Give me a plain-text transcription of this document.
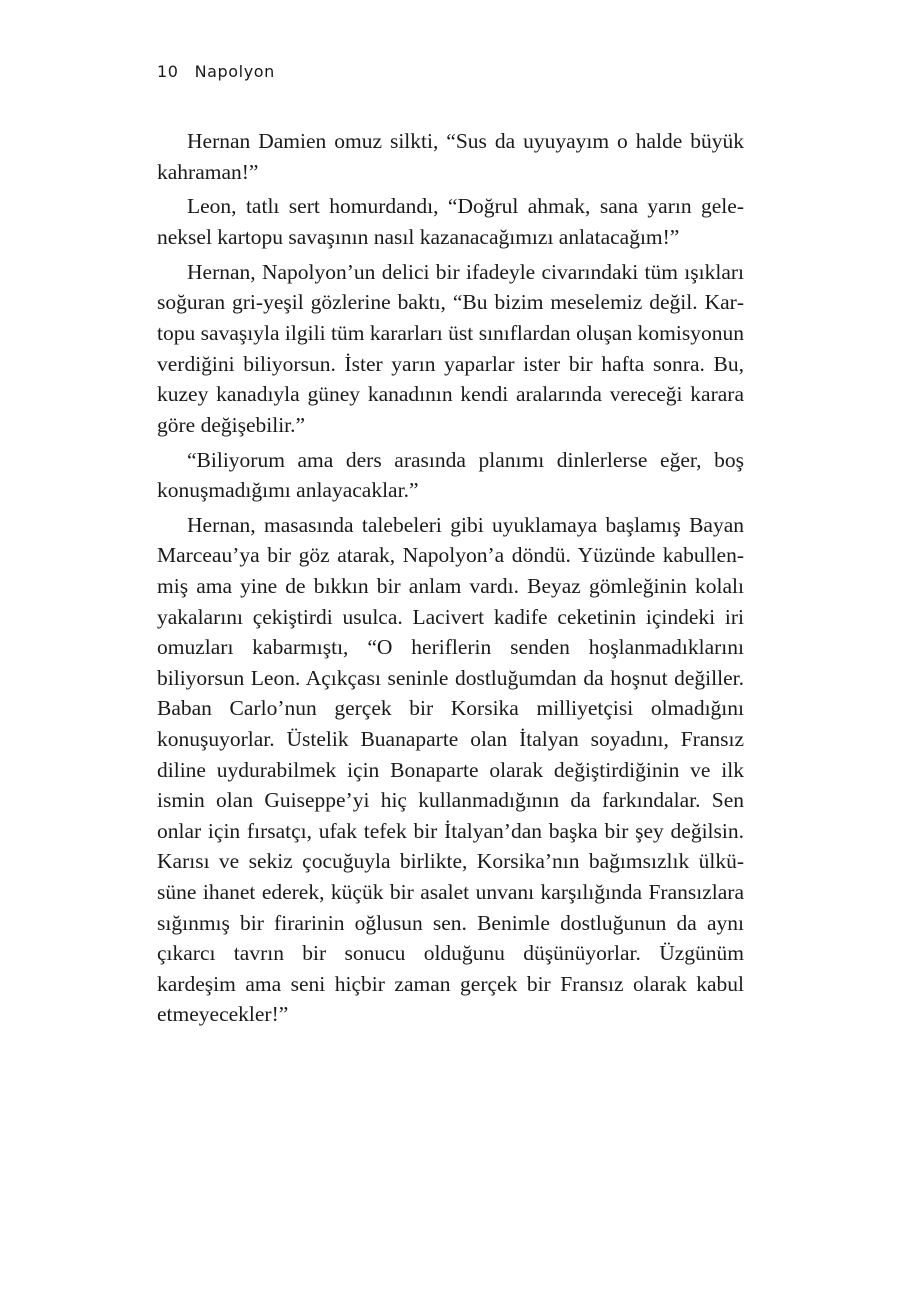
10 Napolyon

Hernan Damien omuz silkti, “Sus da uyuyayım o halde büyük kahraman!”

Leon, tatlı sert homurdandı, “Doğrul ahmak, sana yarın geleneksel kartopu savaşının nasıl kazanacağımızı anlatacağım!”

Hernan, Napolyon’un delici bir ifadeyle civarındaki tüm ışıkları soğuran gri-yeşil gözlerine baktı, “Bu bizim meselemiz değil. Kartopu savaşıyla ilgili tüm kararları üst sınıflardan oluşan komisyonun verdiğini biliyorsun. İster yarın yaparlar ister bir hafta sonra. Bu, kuzey kanadıyla güney kanadının kendi aralarında vereceği karara göre değişebilir.”

“Biliyorum ama ders arasında planımı dinlerlerse eğer, boş konuşmadığımı anlayacaklar.”

Hernan, masasında talebeleri gibi uyuklamaya başlamış Bayan Marceau’ya bir göz atarak, Napolyon’a döndü. Yüzünde kabullenmiş ama yine de bıkkın bir anlam vardı. Beyaz gömleğinin kolalı yakalarını çekiştirdi usulca. Lacivert kadife ceketinin içindeki iri omuzları kabarmıştı, “O heriflerin senden hoşlanmadıklarını biliyorsun Leon. Açıkçası seninle dostluğumdan da hoşnut değiller. Baban Carlo’nun gerçek bir Korsika milliyetçisi olmadığını konuşuyorlar. Üstelik Buanaparte olan İtalyan soyadını, Fransız diline uydurabilmek için Bonaparte olarak değiştirdiğinin ve ilk ismin olan Guiseppe’yi hiç kullanmadığının da farkındalar. Sen onlar için fırsatçı, ufak tefek bir İtalyan’dan başka bir şey değilsin. Karısı ve sekiz çocuğuyla birlikte, Korsika’nın bağımsızlık ülküsüne ihanet ederek, küçük bir asalet unvanı karşılığında Fransızlara sığınmış bir firarinin oğlusun sen. Benimle dostluğunun da aynı çıkarcı tavrın bir sonucu olduğunu düşünüyorlar. Üzgünüm kardeşim ama seni hiçbir zaman gerçek bir Fransız olarak kabul etmeyecekler!”
